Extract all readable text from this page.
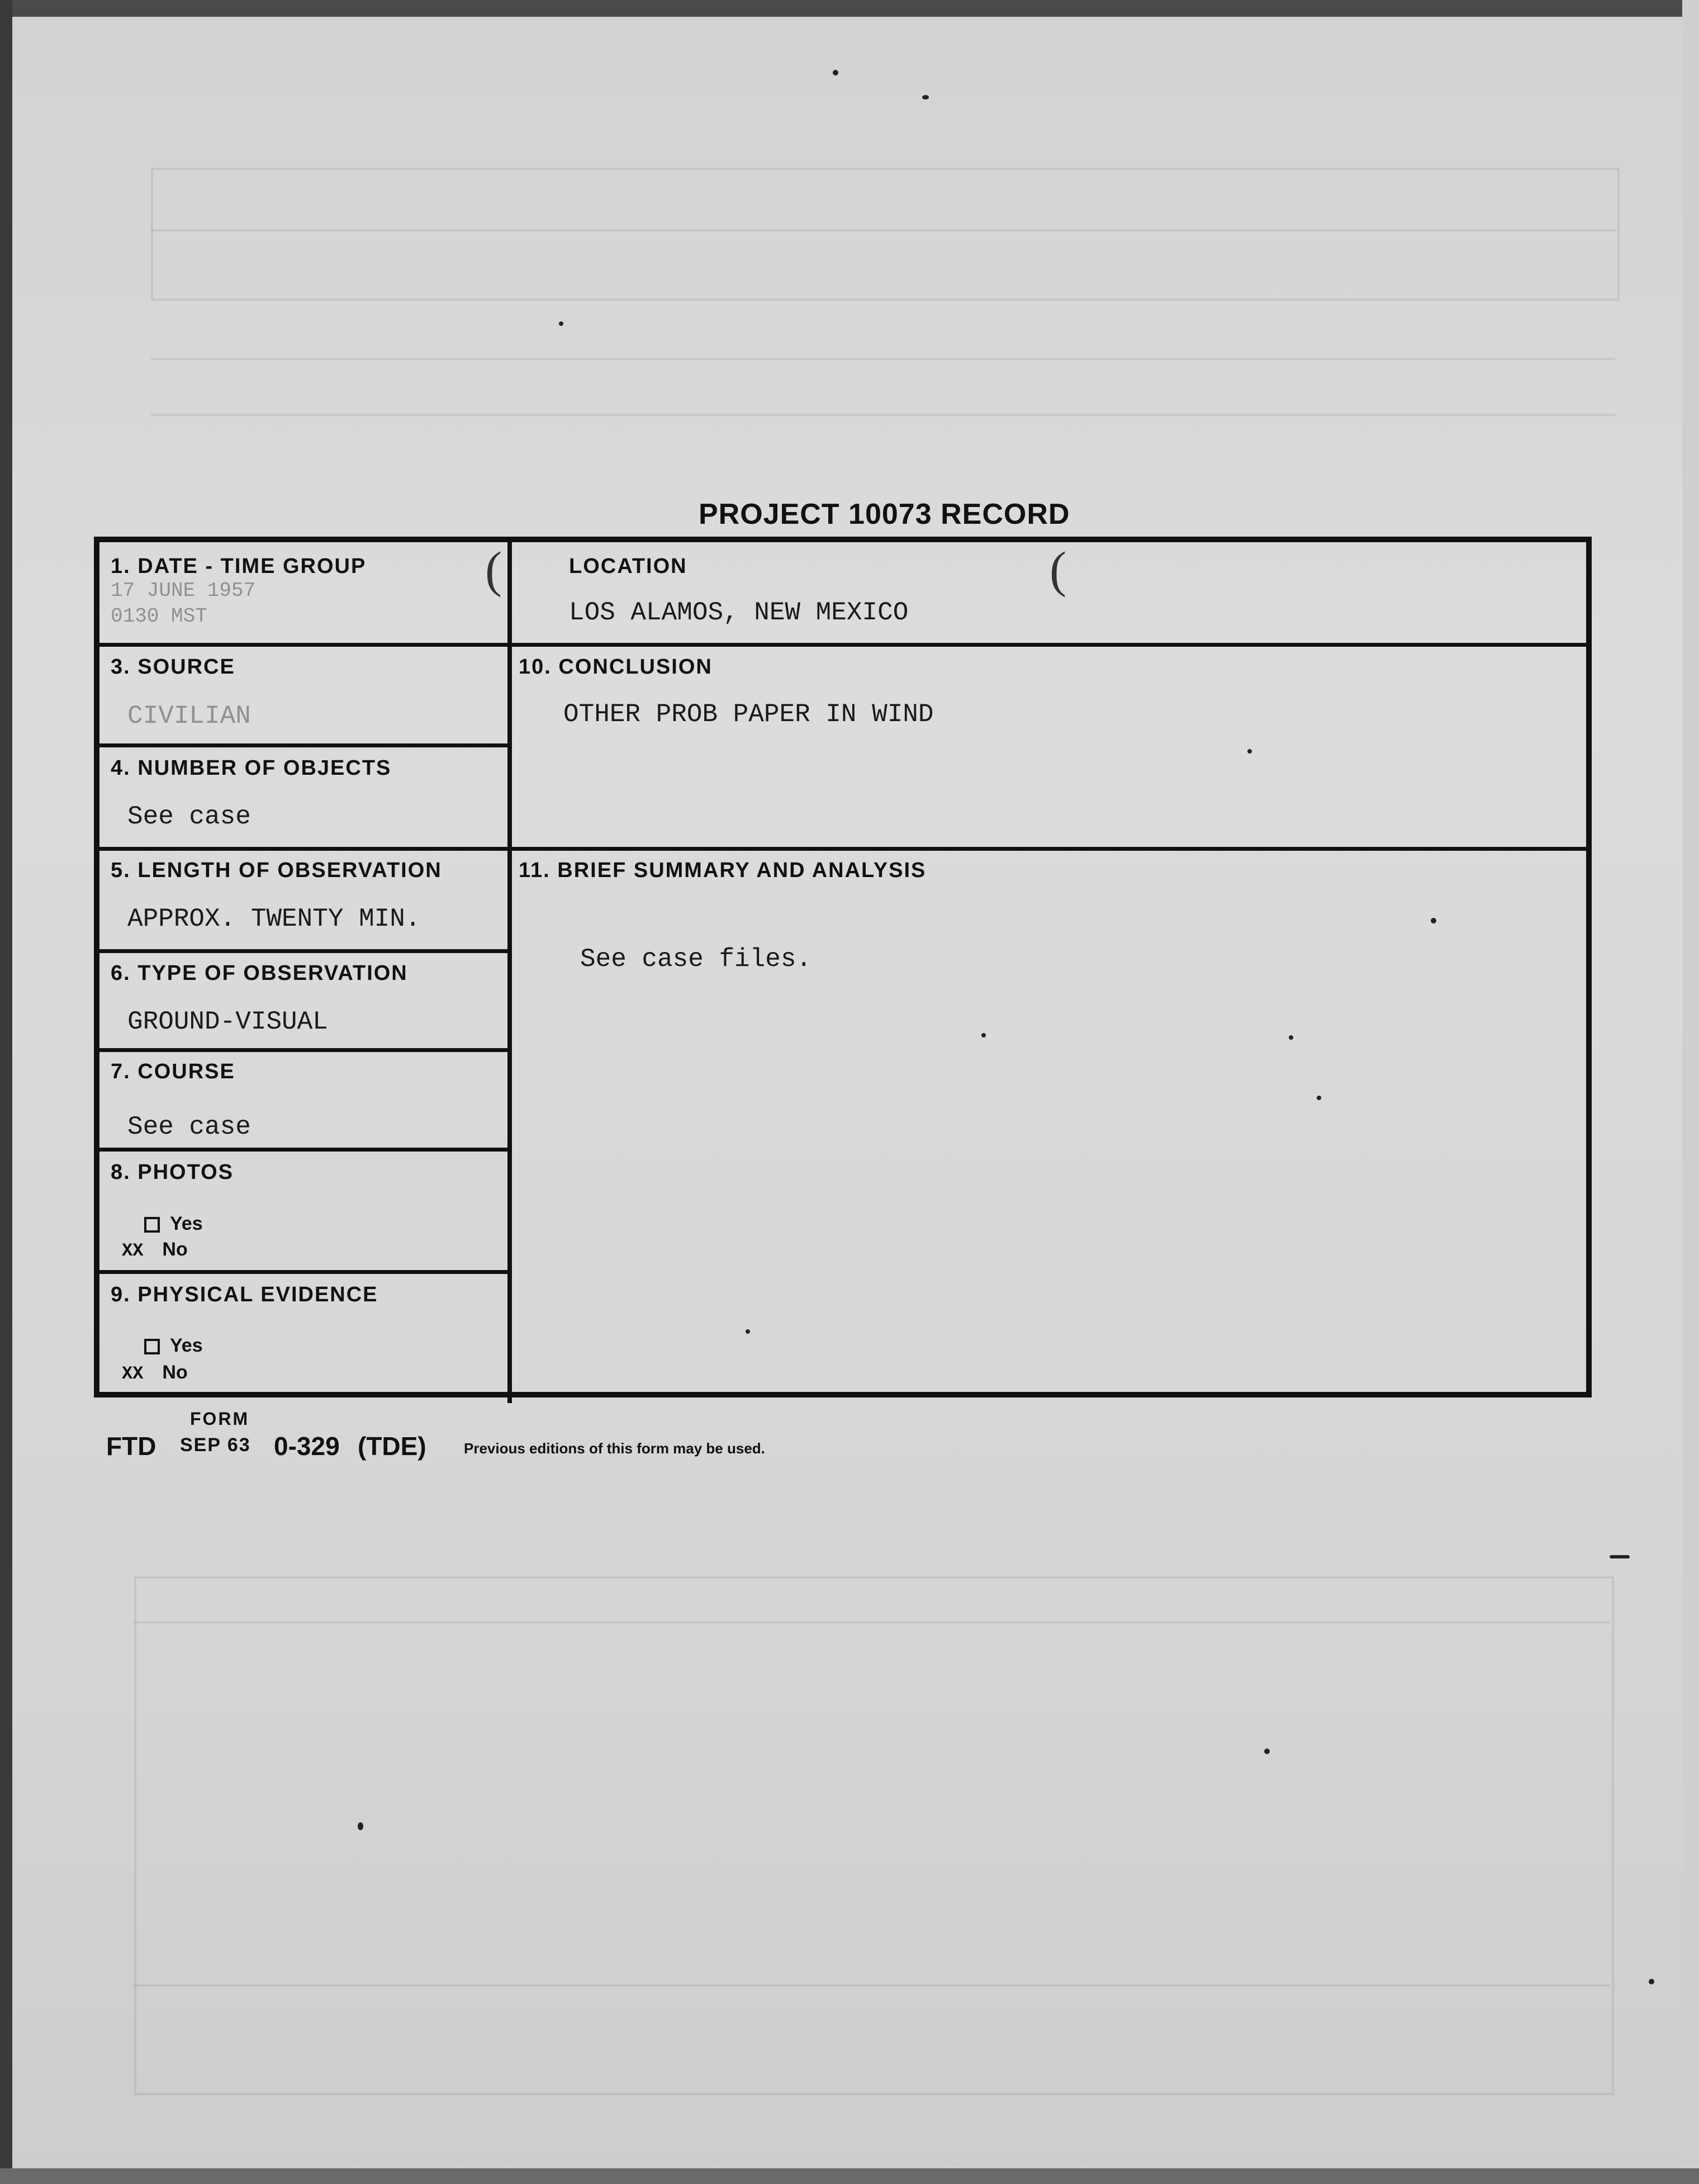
PROJECT 10073 RECORD
1. DATE - TIME GROUP
17 JUNE 1957
0130 MST
(	(
LOCATION
LOS ALAMOS, NEW MEXICO
3. SOURCE
CIVILIAN
10. CONCLUSION
OTHER PROB PAPER IN WIND
4. NUMBER OF OBJECTS
See case
5. LENGTH OF OBSERVATION
APPROX. TWENTY MIN.
11. BRIEF SUMMARY AND ANALYSIS
See case files.
6. TYPE OF OBSERVATION
GROUND-VISUAL
7. COURSE
See case
8. PHOTOS
Yes
XX No
9. PHYSICAL EVIDENCE
Yes
XX No
FORM
FTD SEP 63 0-329 (TDE)	Previous editions of this form may be used.
